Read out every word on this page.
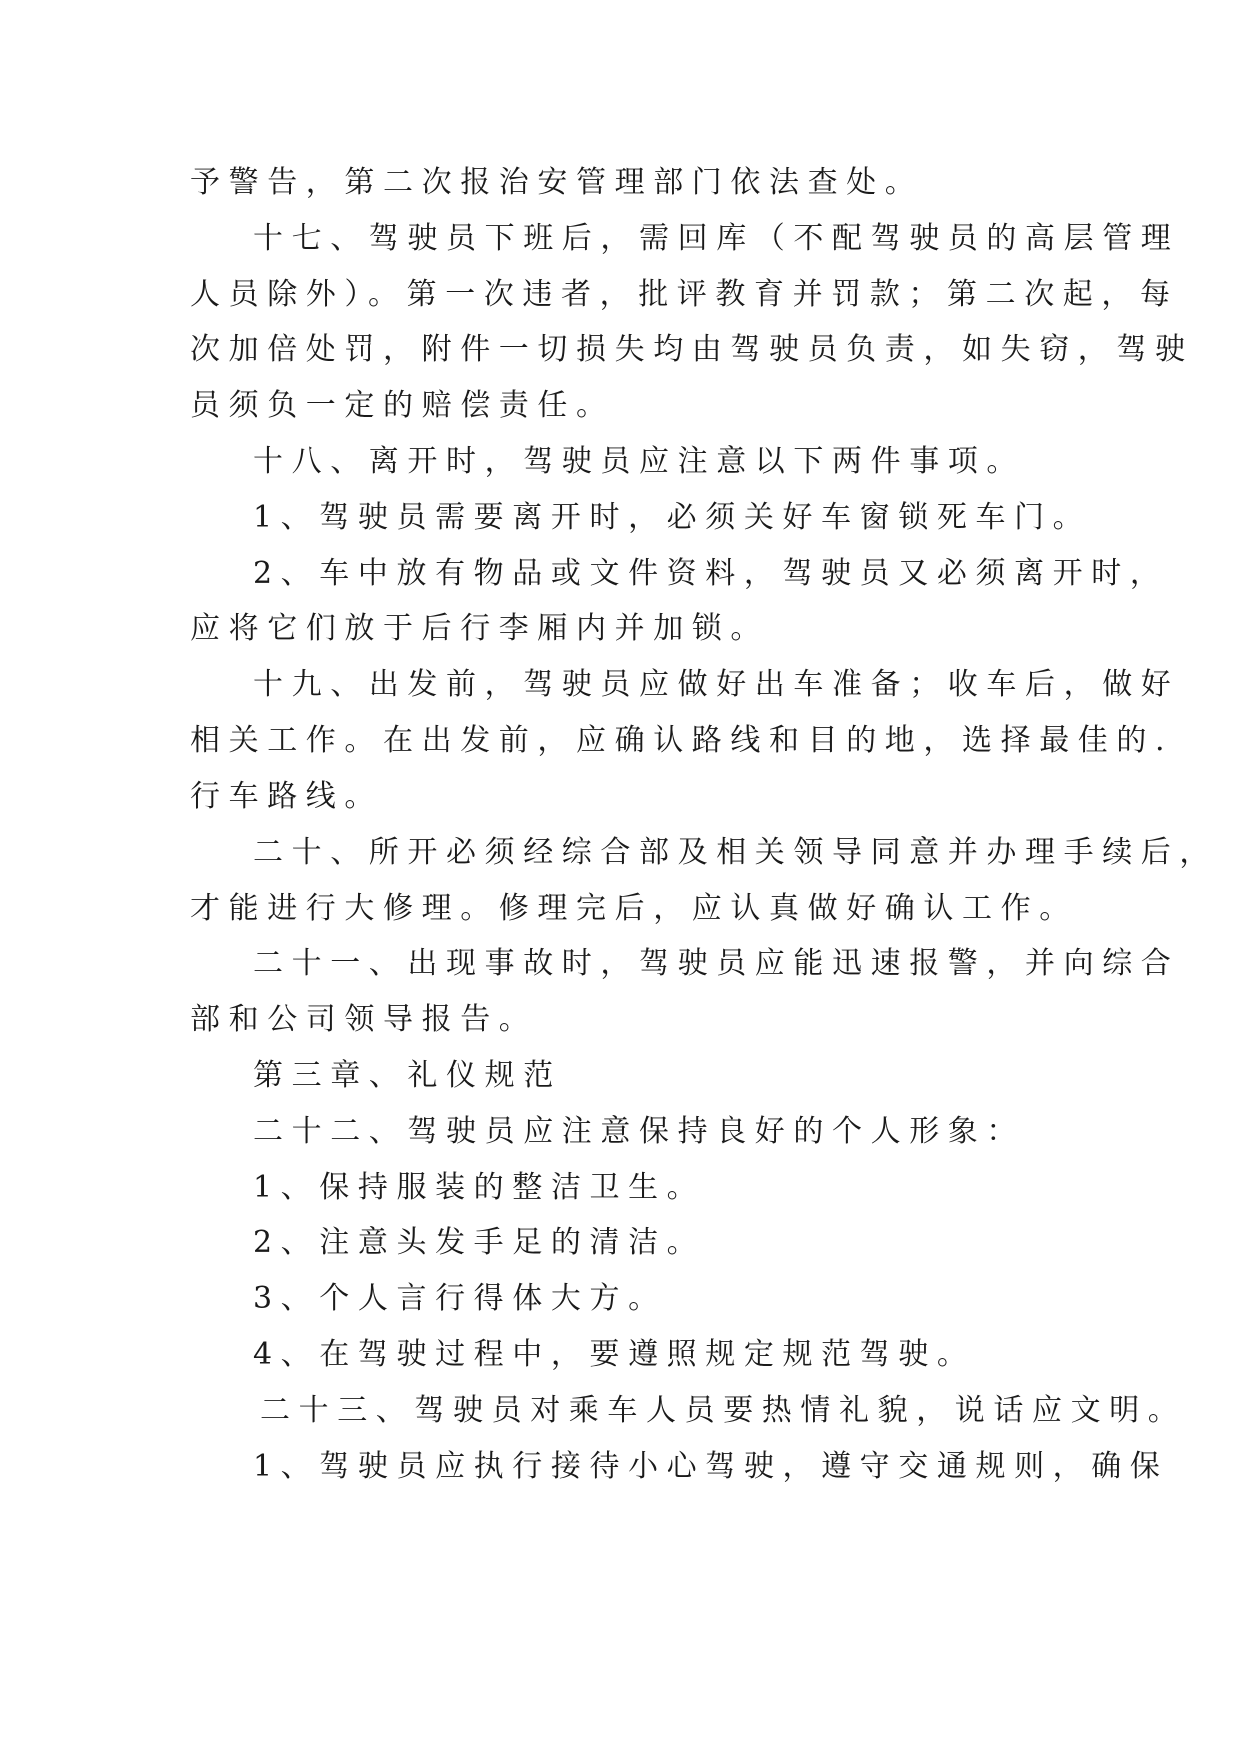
予警告，第二次报治安管理部门依法查处。

十七、驾驶员下班后，需回库（不配驾驶员的高层管理

人员除外）。第一次违者，批评教育并罚款；第二次起，每

次加倍处罚，附件一切损失均由驾驶员负责，如失窃，驾驶

员须负一定的赔偿责任。

十八、离开时，驾驶员应注意以下两件事项。

1、驾驶员需要离开时，必须关好车窗锁死车门。

2、车中放有物品或文件资料，驾驶员又必须离开时，

应将它们放于后行李厢内并加锁。

十九、出发前，驾驶员应做好出车准备；收车后，做好

相关工作。在出发前，应确认路线和目的地，选择最佳的.

行车路线。

二十、所开必须经综合部及相关领导同意并办理手续后，

才能进行大修理。修理完后，应认真做好确认工作。

二十一、出现事故时，驾驶员应能迅速报警，并向综合

部和公司领导报告。

第三章、礼仪规范

二十二、驾驶员应注意保持良好的个人形象：

1、保持服装的整洁卫生。

2、注意头发手足的清洁。

3、个人言行得体大方。

4、在驾驶过程中，要遵照规定规范驾驶。

二十三、驾驶员对乘车人员要热情礼貌，说话应文明。

1、驾驶员应执行接待小心驾驶，遵守交通规则，确保
